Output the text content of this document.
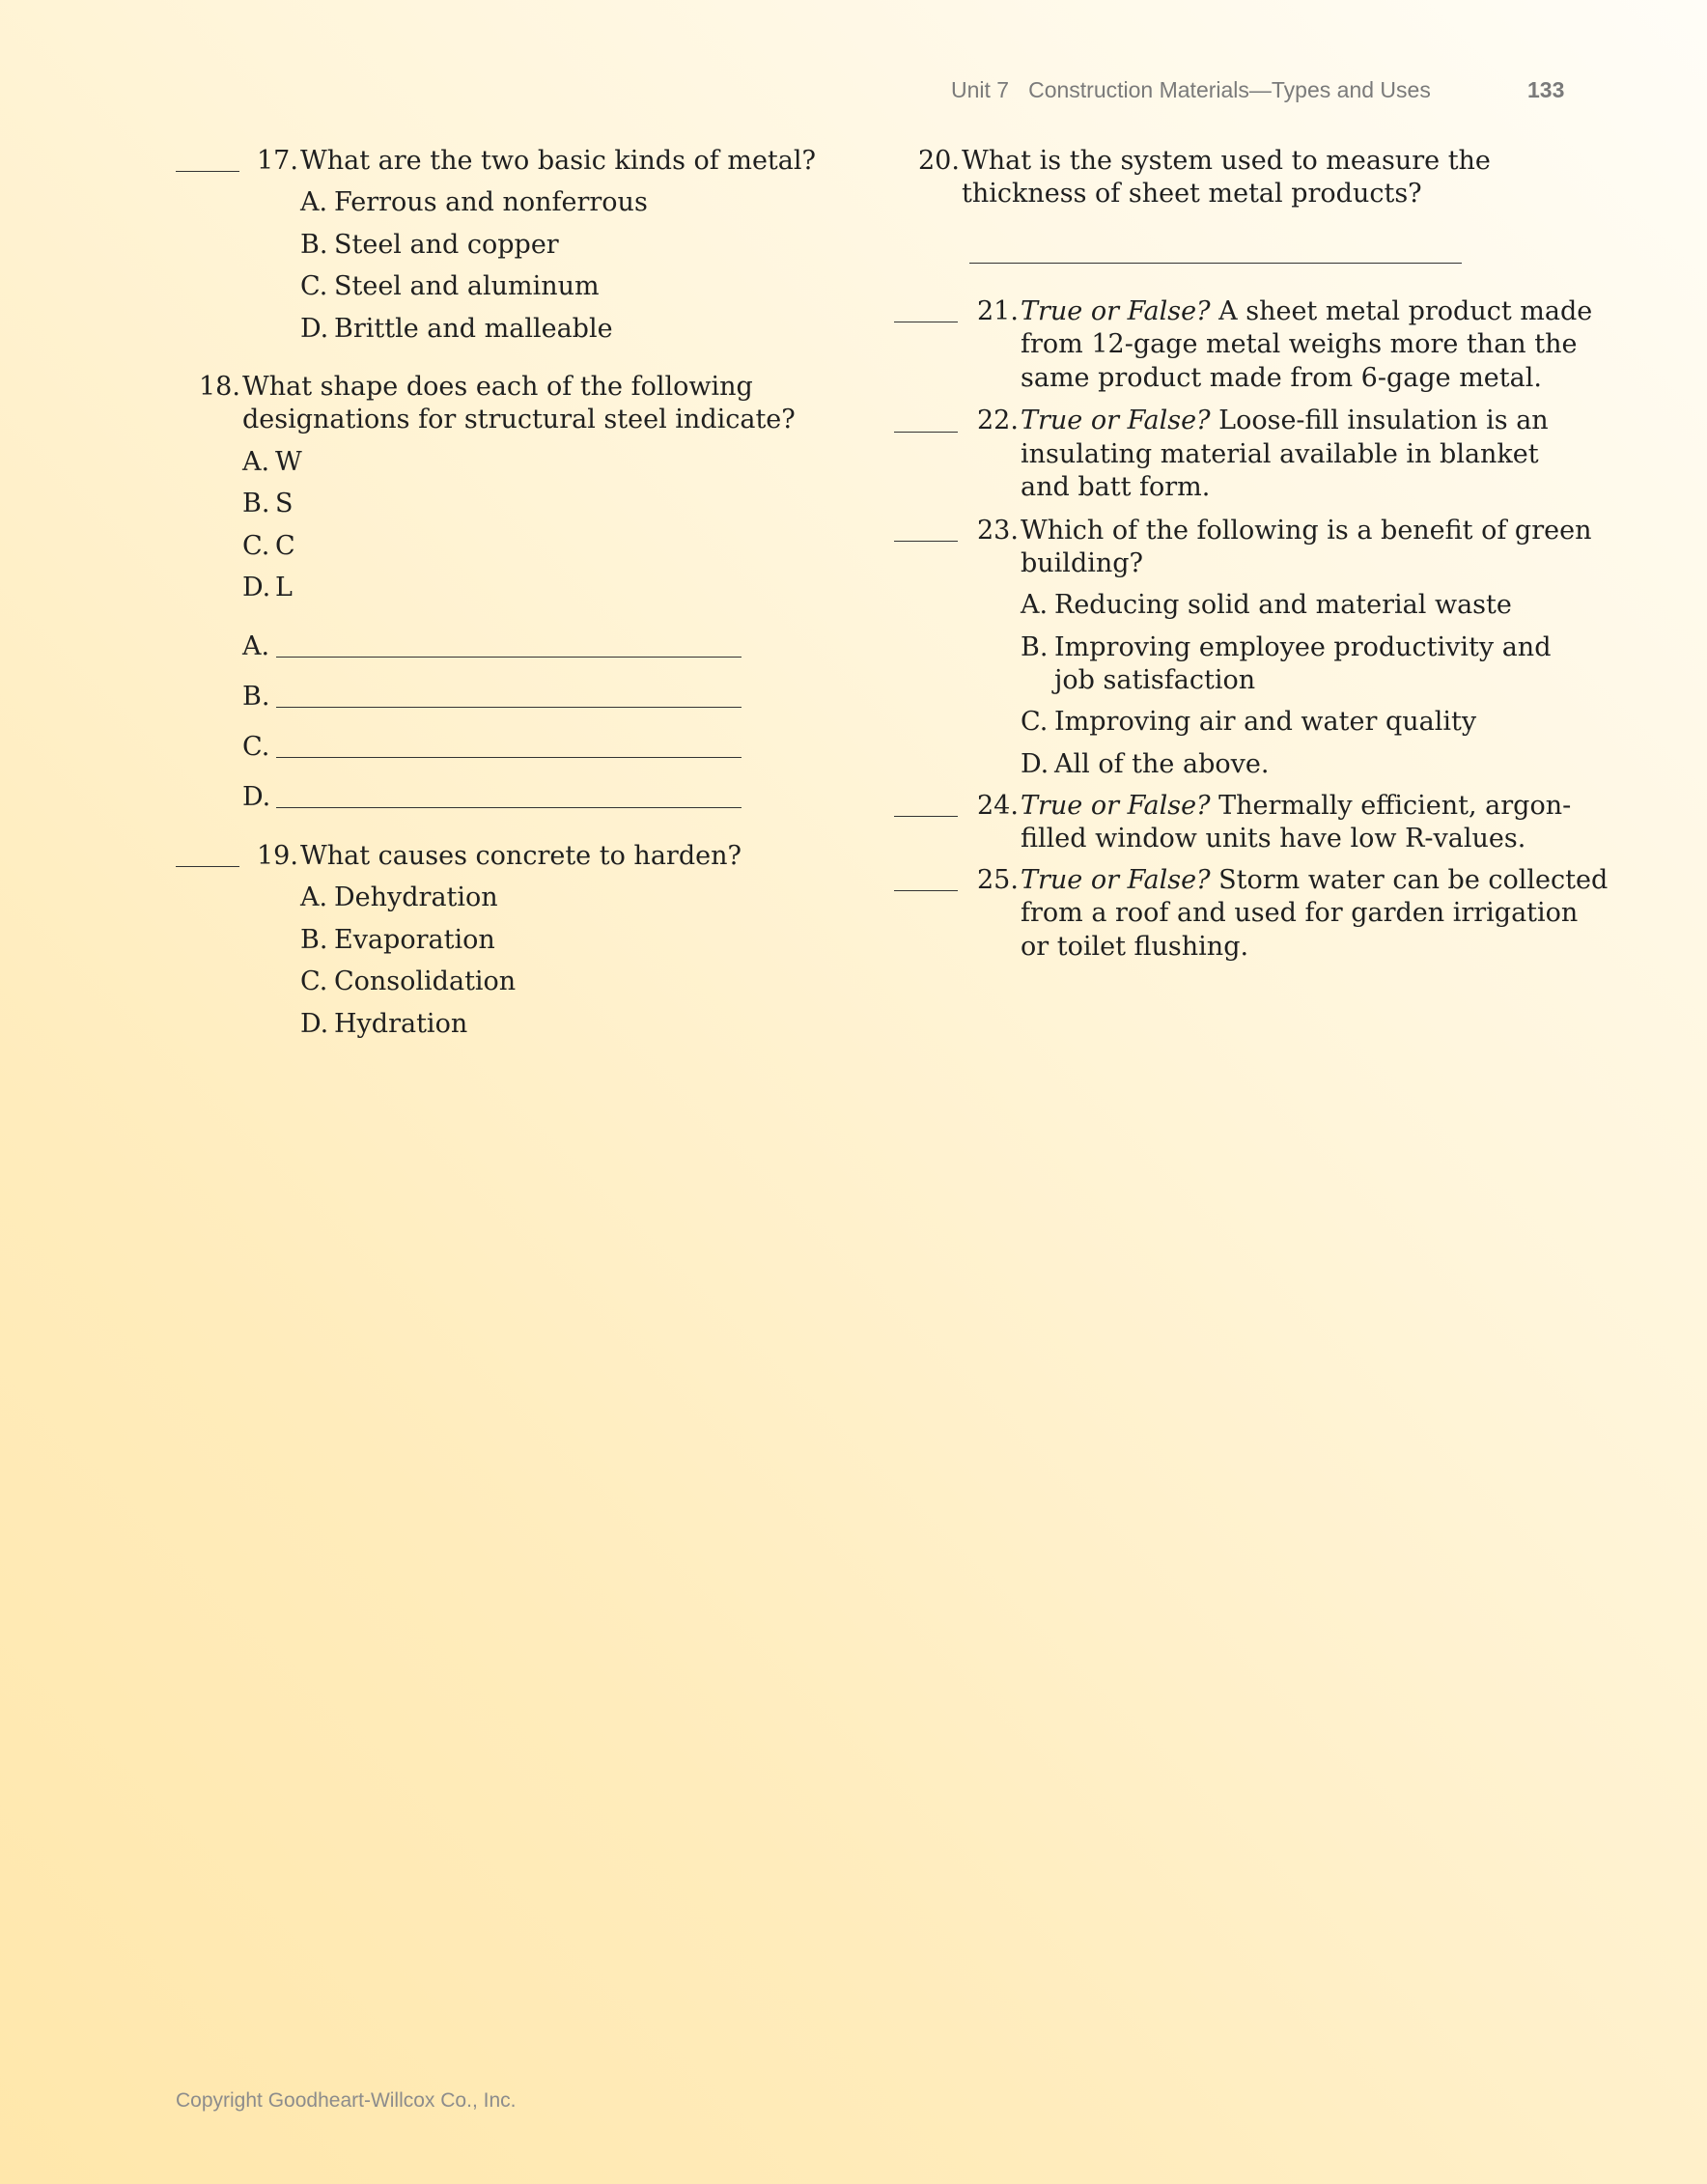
Unit 7 Construction Materials—Types and Uses	133
Copyright Goodheart-Willcox Co., Inc.
17. What are the two basic kinds of metal?
A. Ferrous and nonferrous
B. Steel and copper
C. Steel and aluminum
D. Brittle and malleable
18. What shape does each of the following
designations for structural steel indicate?
A. W
B. S
C. C
D. L
A.
B.
C.
D.
19. What causes concrete to harden?
A. Dehydration
B. Evaporation
C. Consolidation
D. Hydration
20. What is the system used to measure the
thickness of sheet metal products?
21. True or False? A sheet metal product made
from 12-gage metal weighs more than the
same product made from 6-gage metal.
22. True or False? Loose-fill insulation is an
insulating material available in blanket
and batt form.
23. Which of the following is a benefit of green
building?
A. Reducing solid and material waste
B. Improving employee productivity and
job satisfaction
C. Improving air and water quality
D. All of the above.
24. True or False? Thermally efficient, argon-
filled window units have low R-values.
25. True or False? Storm water can be collected
from a roof and used for garden irrigation
or toilet flushing.
